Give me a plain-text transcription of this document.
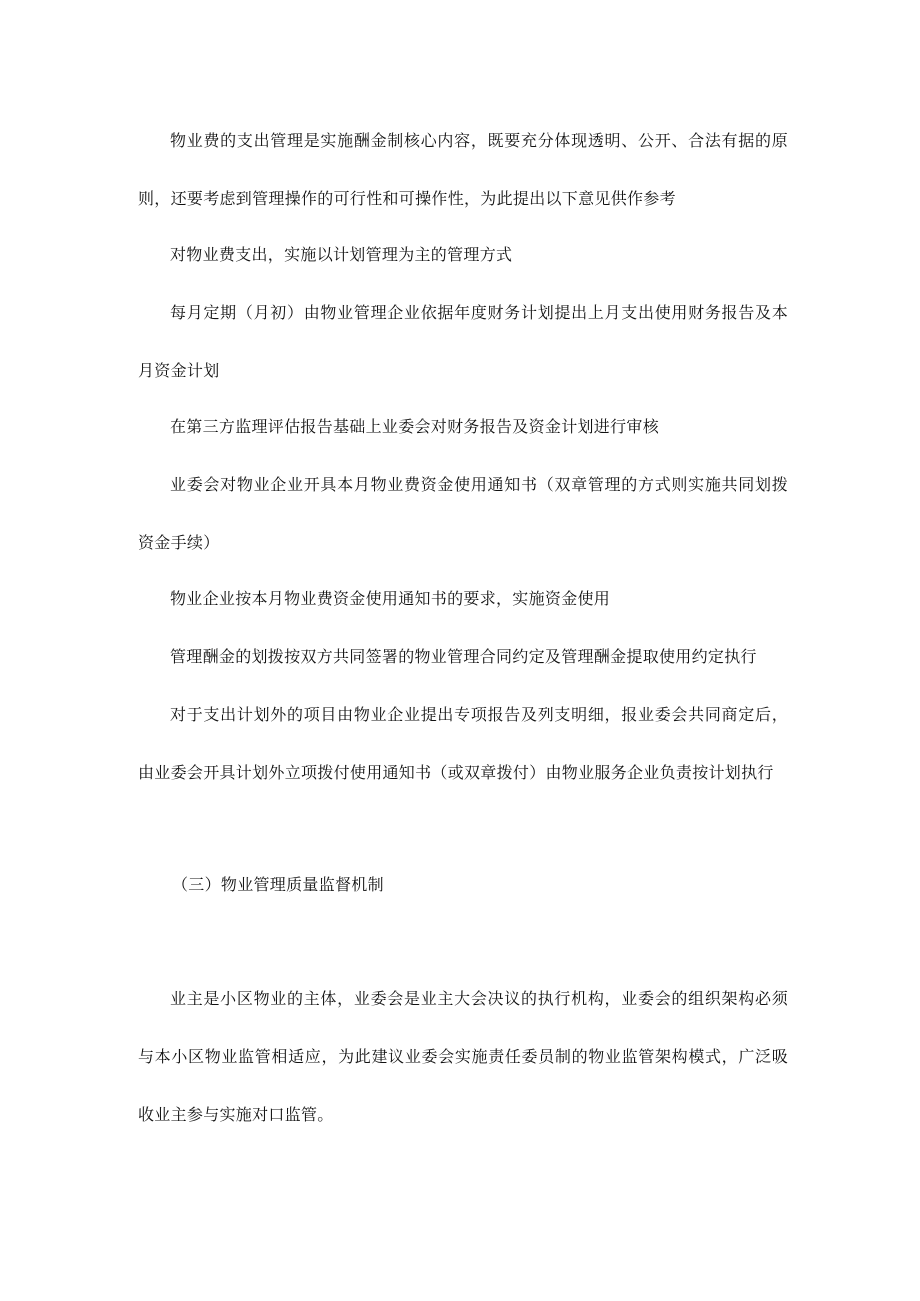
物业费的支出管理是实施酬金制核心内容，既要充分体现透明、公开、合法有据的原则，还要考虑到管理操作的可行性和可操作性，为此提出以下意见供作参考

对物业费支出，实施以计划管理为主的管理方式

每月定期（月初）由物业管理企业依据年度财务计划提出上月支出使用财务报告及本月资金计划

在第三方监理评估报告基础上业委会对财务报告及资金计划进行审核

业委会对物业企业开具本月物业费资金使用通知书（双章管理的方式则实施共同划拨资金手续）

物业企业按本月物业费资金使用通知书的要求，实施资金使用

管理酬金的划拨按双方共同签署的物业管理合同约定及管理酬金提取使用约定执行

对于支出计划外的项目由物业企业提出专项报告及列支明细，报业委会共同商定后，由业委会开具计划外立项拨付使用通知书（或双章拨付）由物业服务企业负责按计划执行

（三）物业管理质量监督机制

业主是小区物业的主体，业委会是业主大会决议的执行机构，业委会的组织架构必须与本小区物业监管相适应，为此建议业委会实施责任委员制的物业监管架构模式，广泛吸收业主参与实施对口监管。
